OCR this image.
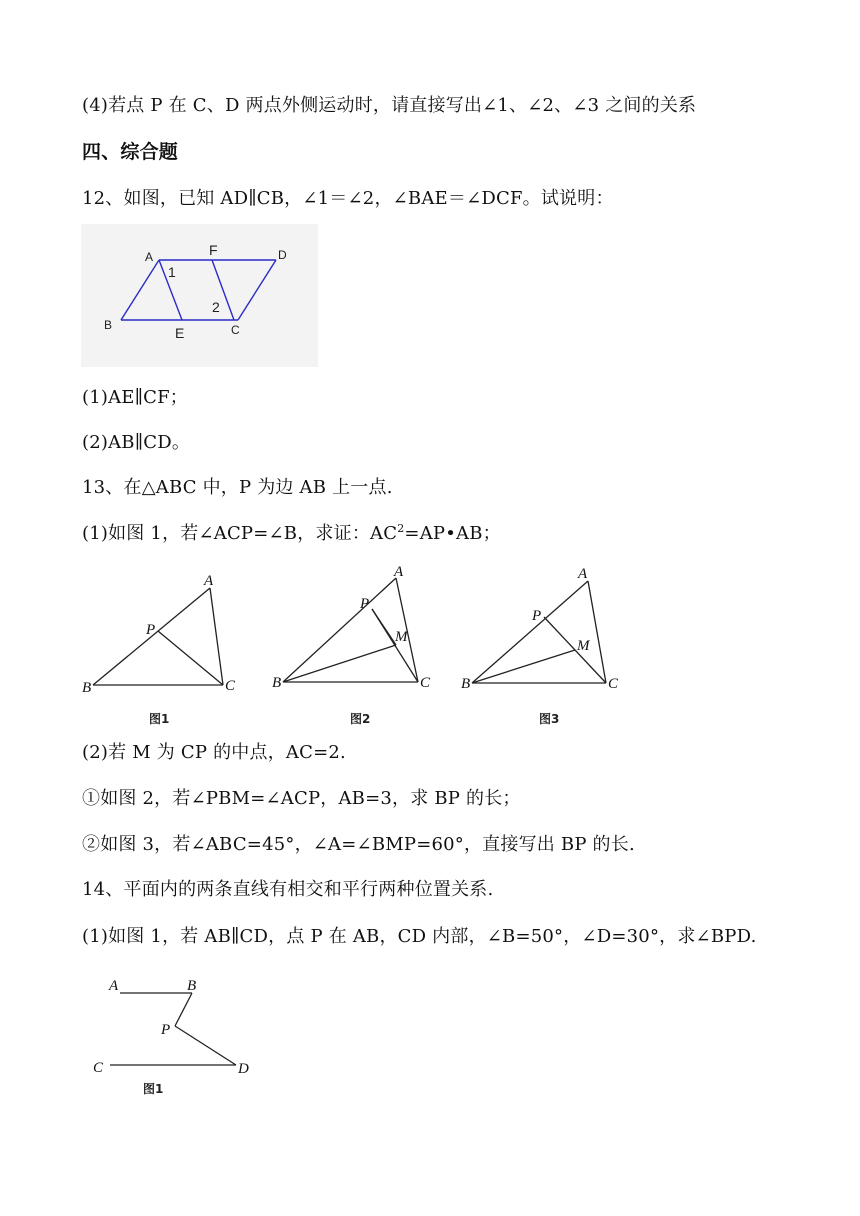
(4)若点 P 在 C、D 两点外侧运动时，请直接写出∠1、∠2、∠3 之间的关系
四、综合题
12、如图，已知 AD∥CB，∠1＝∠2，∠BAE＝∠DCF。试说明：
A
B	C
D
E
F
1
2
(1)AE∥CF；
(2)AB∥CD。
13、在△ABC 中，P 为边 AB 上一点.
(1)如图 1，若∠ACP=∠B，求证：$AC^2=AP•AB$；
A
B	C
P
图1
A
B	C
P
M
图2
A
B	C
P
M
图3
(2)若 M 为 CP 的中点，AC=2.
①如图 2，若∠PBM=∠ACP，AB=3，求 BP 的长；
②如图 3，若∠ABC=45°，∠A=∠BMP=60°，直接写出 BP 的长.
14、平面内的两条直线有相交和平行两种位置关系.
(1)如图 1，若 AB∥CD，点 P 在 AB，CD 内部，∠B=50°，∠D=30°，求∠BPD.
A	B
P
C	D
图1
